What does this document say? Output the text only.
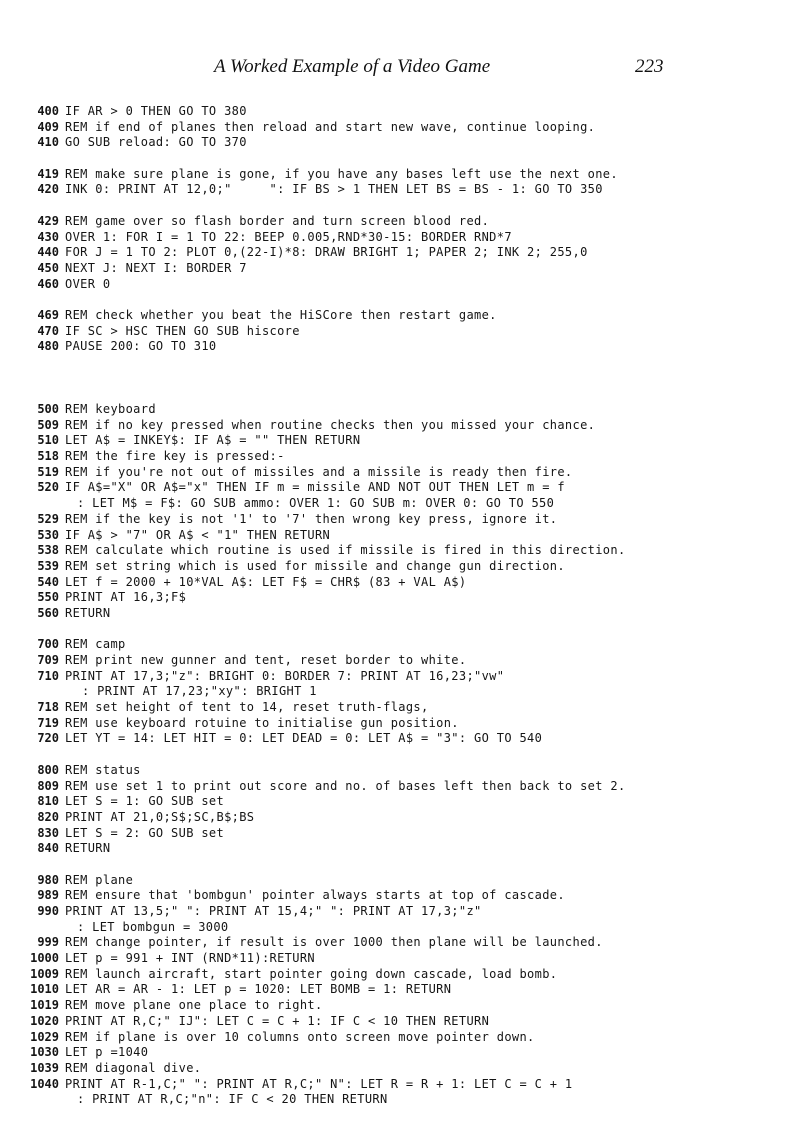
A Worked Example of a Video Game	223
400 IF AR > 0 THEN GO TO 380
409 REM if end of planes then reload and start new wave, continue looping.
410 GO SUB reload: GO TO 370
419 REM make sure plane is gone, if you have any bases left use the next one.
420 INK 0: PRINT AT 12,0;"     ": IF BS > 1 THEN LET BS = BS - 1: GO TO 350
429 REM game over so flash border and turn screen blood red.
430 OVER 1: FOR I = 1 TO 22: BEEP 0.005,RND*30-15: BORDER RND*7
440 FOR J = 1 TO 2: PLOT 0,(22-I)*8: DRAW BRIGHT 1; PAPER 2; INK 2; 255,0
450 NEXT J: NEXT I: BORDER 7
460 OVER 0
469 REM check whether you beat the HiSCore then restart game.
470 IF SC > HSC THEN GO SUB hiscore
480 PAUSE 200: GO TO 310
500 REM keyboard
509 REM if no key pressed when routine checks then you missed your chance.
510 LET A$ = INKEY$: IF A$ = "" THEN RETURN
518 REM the fire key is pressed:-
519 REM if you're not out of missiles and a missile is ready then fire.
520 IF A$="X" OR A$="x" THEN IF m = missile AND NOT OUT THEN LET m = f
: LET M$ = F$: GO SUB ammo: OVER 1: GO SUB m: OVER 0: GO TO 550
529 REM if the key is not '1' to '7' then wrong key press, ignore it.
530 IF A$ > "7" OR A$ < "1" THEN RETURN
538 REM calculate which routine is used if missile is fired in this direction.
539 REM set string which is used for missile and change gun direction.
540 LET f = 2000 + 10*VAL A$: LET F$ = CHR$ (83 + VAL A$)
550 PRINT AT 16,3;F$
560 RETURN
700 REM camp
709 REM print new gunner and tent, reset border to white.
710 PRINT AT 17,3;"z": BRIGHT 0: BORDER 7: PRINT AT 16,23;"vw"
: PRINT AT 17,23;"xy": BRIGHT 1
718 REM set height of tent to 14, reset truth-flags,
719 REM use keyboard rotuine to initialise gun position.
720 LET YT = 14: LET HIT = 0: LET DEAD = 0: LET A$ = "3": GO TO 540
800 REM status
809 REM use set 1 to print out score and no. of bases left then back to set 2.
810 LET S = 1: GO SUB set
820 PRINT AT 21,0;S$;SC,B$;BS
830 LET S = 2: GO SUB set
840 RETURN
980 REM plane
989 REM ensure that 'bombgun' pointer always starts at top of cascade.
990 PRINT AT 13,5;" ": PRINT AT 15,4;" ": PRINT AT 17,3;"z"
: LET bombgun = 3000
999 REM change pointer, if result is over 1000 then plane will be launched.
1000 LET p = 991 + INT (RND*11):RETURN
1009 REM launch aircraft, start pointer going down cascade, load bomb.
1010 LET AR = AR - 1: LET p = 1020: LET BOMB = 1: RETURN
1019 REM move plane one place to right.
1020 PRINT AT R,C;" IJ": LET C = C + 1: IF C < 10 THEN RETURN
1029 REM if plane is over 10 columns onto screen move pointer down.
1030 LET p =1040
1039 REM diagonal dive.
1040 PRINT AT R-1,C;" ": PRINT AT R,C;" N": LET R = R + 1: LET C = C + 1
: PRINT AT R,C;"n": IF C < 20 THEN RETURN
